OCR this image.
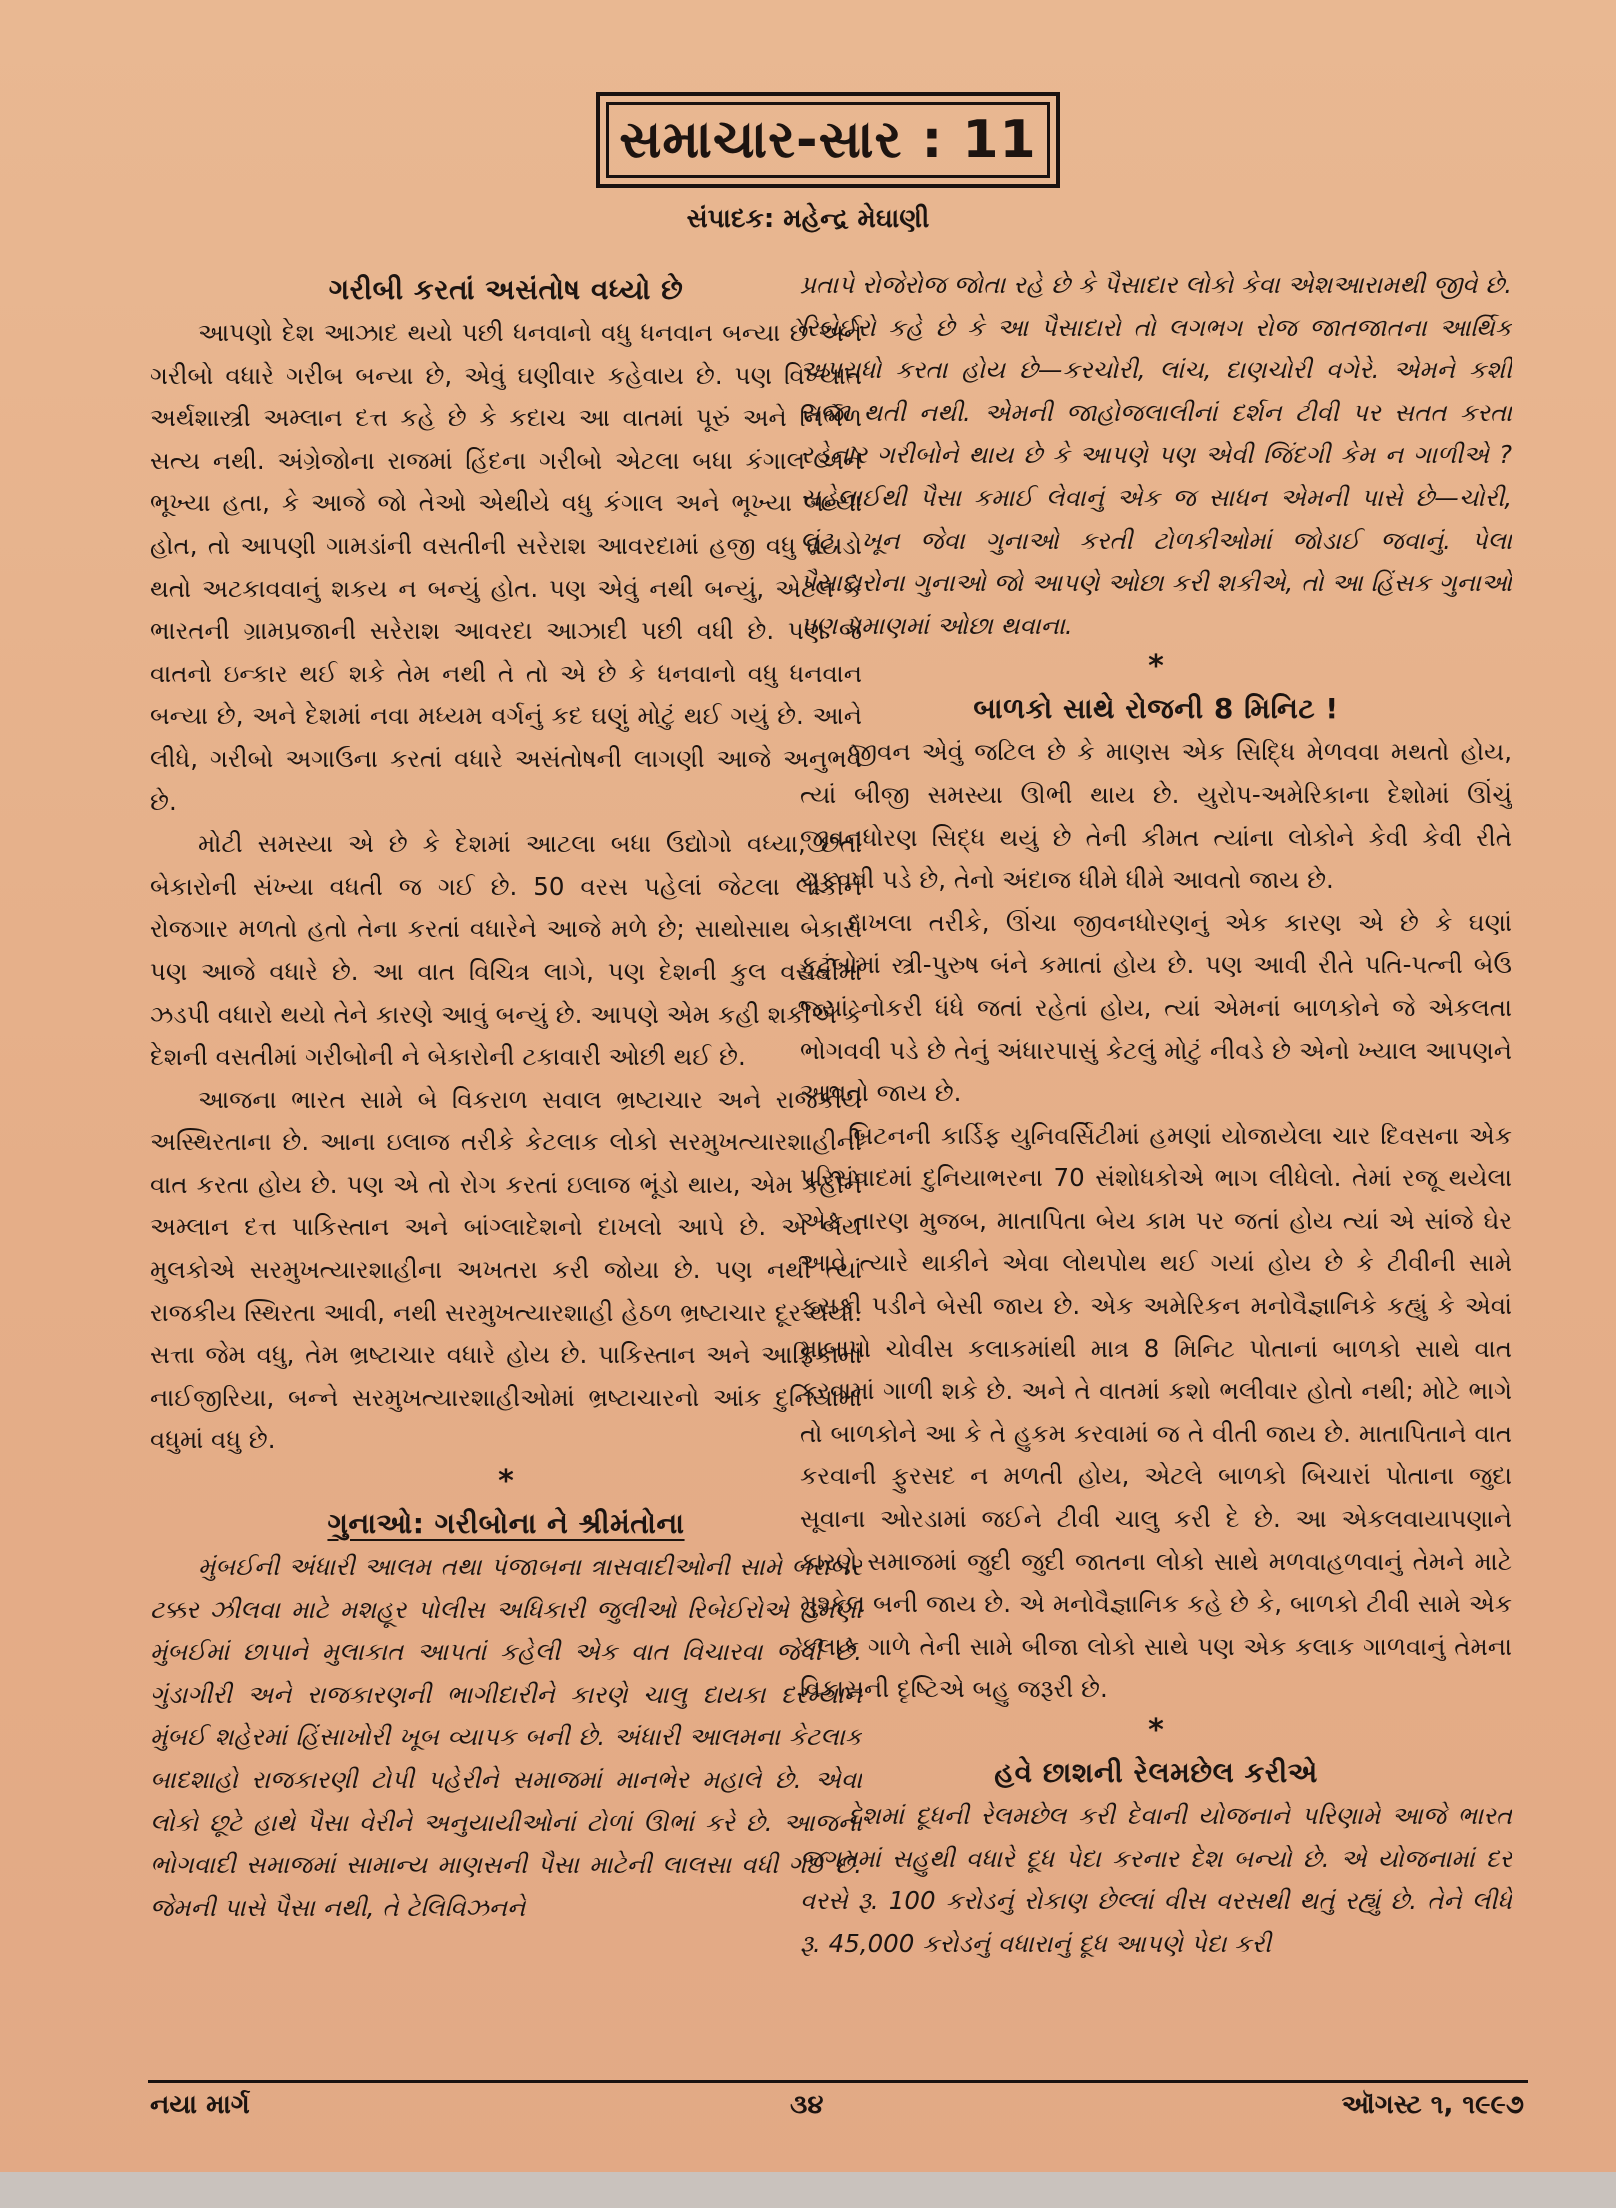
સમાચાર-સાર : 11
સંપાદક: મહેન્દ્ર મેઘાણી
ગરીબી કરતાં અસંતોષ વધ્યો છે

આપણો દેશ આઝાદ થયો પછી ધનવાનો વધુ ધનવાન બન્યા છે અને ગરીબો વધારે ગરીબ બન્યા છે, એવું ઘણીવાર કહેવાય છે. પણ વિખ્યાત અર્થશાસ્ત્રી અમ્લાન દત્ત કહે છે કે કદાચ આ વાતમાં પૂરું અને નિર્ભેળ સત્ય નથી. અંગ્રેજોના રાજમાં હિંદના ગરીબો એટલા બધા કંગાલ અને ભૂખ્યા હતા, કે આજે જો તેઓ એથીયે વધુ કંગાલ અને ભૂખ્યા બન્યા હોત, તો આપણી ગામડાંની વસતીની સરેરાશ આવરદામાં હજી વધુ ઘટાડો થતો અટકાવવાનું શકય ન બન્યું હોત. પણ એવું નથી બન્યું, એટલે કે ભારતની ગ્રામપ્રજાની સરેરાશ આવરદા આઝાદી પછી વધી છે. પણ જે વાતનો ઇન્કાર થઈ શકે તેમ નથી તે તો એ છે કે ધનવાનો વધુ ધનવાન બન્યા છે, અને દેશમાં નવા મધ્યમ વર્ગનું કદ ઘણું મોટું થઈ ગયું છે. આને લીધે, ગરીબો અગાઉના કરતાં વધારે અસંતોષની લાગણી આજે અનુભવે છે.

મોટી સમસ્યા એ છે કે દેશમાં આટલા બધા ઉદ્યોગો વધ્યા, છતાં બેકારોની સંખ્યા વધતી જ ગઈ છે. 50 વરસ પહેલાં જેટલા લોકોને રોજગાર મળતો હતો તેના કરતાં વધારેને આજે મળે છે; સાથોસાથ બેકારો પણ આજે વધારે છે. આ વાત વિચિત્ર લાગે, પણ દેશની કુલ વસતીમાં ઝડપી વધારો થયો તેને કારણે આવું બન્યું છે. આપણે એમ કહી શકીએ કે દેશની વસતીમાં ગરીબોની ને બેકારોની ટકાવારી ઓછી થઈ છે.

આજના ભારત સામે બે વિકરાળ સવાલ ભ્રષ્ટાચાર અને રાજકીય અસ્થિરતાના છે. આના ઇલાજ તરીકે કેટલાક લોકો સરમુખત્યારશાહીની વાત કરતા હોય છે. પણ એ તો રોગ કરતાં ઇલાજ ભૂંડો થાય, એમ કહીને અમ્લાન દત્ત પાકિસ્તાન અને બાંગ્લાદેશનો દાખલો આપે છે. એ બેય મુલકોએ સરમુખત્યારશાહીના અખતરા કરી જોયા છે. પણ નથી ત્યાં રાજકીય સ્થિરતા આવી, નથી સરમુખત્યારશાહી હેઠળ ભ્રષ્ટાચાર દૂર થયો. સત્તા જેમ વધુ, તેમ ભ્રષ્ટાચાર વધારે હોય છે. પાકિસ્તાન અને આફ્રિકામાં નાઈજીરિયા, બન્ને સરમુખત્યારશાહીઓમાં ભ્રષ્ટાચારનો આંક દુનિયામાં વધુમાં વધુ છે.

*
ગુનાઓ: ગરીબોના ને શ્રીમંતોના

મુંબઈની અંધારી આલમ તથા પંજાબના ત્રાસવાદીઓની સામે બરાબર ટક્કર ઝીલવા માટે મશહૂર પોલીસ અધિકારી જુલીઓ રિબેઈરોએ હમણાં મુંબઈમાં છાપાને મુલાકાત આપતાં કહેલી એક વાત વિચારવા જેવી છે. ગુંડાગીરી અને રાજકારણની ભાગીદારીને કારણે ચાલુ દાયકા દરમ્યાન મુંબઈ શહેરમાં હિંસાખોરી ખૂબ વ્યાપક બની છે. અંધારી આલમના કેટલાક બાદશાહો રાજકારણી ટોપી પહેરીને સમાજમાં માનભેર મહાલે છે. એવા લોકો છૂટે હાથે પૈસા વેરીને અનુયાયીઓનાં ટોળાં ઊભાં કરે છે. આજના ભોગવાદી સમાજમાં સામાન્ય માણસની પૈસા માટેની લાલસા વધી ગઈ છે. જેમની પાસે પૈસા નથી, તે ટેલિવિઝનને

પ્રતાપે રોજેરોજ જોતા રહે છે કે પૈસાદાર લોકો કેવા એશઆરામથી જીવે છે. રિબેઈરો કહે છે કે આ પૈસાદારો તો લગભગ રોજ જાતજાતના આર્થિક અપરાધો કરતા હોય છે—કરચોરી, લાંચ, દાણચોરી વગેરે. એમને કશી સજા થતી નથી. એમની જાહોજલાલીનાં દર્શન ટીવી પર સતત કરતા રહેનાર ગરીબોને થાય છે કે આપણે પણ એવી જિંદગી કેમ ન ગાળીએ ? સહેલાઈથી પૈસા કમાઈ લેવાનું એક જ સાધન એમની પાસે છે—ચોરી, લૂંટ, ખૂન જેવા ગુનાઓ કરતી ટોળકીઓમાં જોડાઈ જવાનું. પેલા પૈસાદારોના ગુનાઓ જો આપણે ઓછા કરી શકીએ, તો આ હિંસક ગુનાઓ પણ પ્રમાણમાં ઓછા થવાના.

*
બાળકો સાથે રોજની 8 મિનિટ !

જીવન એવું જટિલ છે કે માણસ એક સિદ્ધિ મેળવવા મથતો હોય, ત્યાં બીજી સમસ્યા ઊભી થાય છે. યુરોપ-અમેરિકાના દેશોમાં ઊંચું જીવનધોરણ સિદ્ધ થયું છે તેની કીમત ત્યાંના લોકોને કેવી કેવી રીતે ચૂકવવી પડે છે, તેનો અંદાજ ધીમે ધીમે આવતો જાય છે.

દાખલા તરીકે, ઊંચા જીવનધોરણનું એક કારણ એ છે કે ઘણાં કુટુંબોમાં સ્ત્રી-પુરુષ બંને કમાતાં હોય છે. પણ આવી રીતે પતિ-પત્ની બેઉ જ્યાં નોકરી ધંધે જતાં રહેતાં હોય, ત્યાં એમનાં બાળકોને જે એકલતા ભોગવવી પડે છે તેનું અંધારપાસું કેટલું મોટું નીવડે છે એનો ખ્યાલ આપણને આવતો જાય છે.

બ્રિટનની કાર્ડિફ યુનિવર્સિટીમાં હમણાં યોજાયેલા ચાર દિવસના એક પરિસંવાદમાં દુનિયાભરના 70 સંશોધકોએ ભાગ લીધેલો. તેમાં રજૂ થયેલા એક તારણ મુજબ, માતાપિતા બેય કામ પર જતાં હોય ત્યાં એ સાંજે ઘેર આવે ત્યારે થાકીને એવા લોથપોથ થઈ ગયાં હોય છે કે ટીવીની સામે ફસકી પડીને બેસી જાય છે. એક અમેરિકન મનોવૈજ્ઞાનિકે કહ્યું કે એવાં માબાપો ચોવીસ કલાકમાંથી માત્ર 8 મિનિટ પોતાનાં બાળકો સાથે વાત કરવામાં ગાળી શકે છે. અને તે વાતમાં કશો ભલીવાર હોતો નથી; મોટે ભાગે તો બાળકોને આ કે તે હુકમ કરવામાં જ તે વીતી જાય છે. માતાપિતાને વાત કરવાની ફુરસદ ન મળતી હોય, એટલે બાળકો બિચારાં પોતાના જુદા સૂવાના ઓરડામાં જઈને ટીવી ચાલુ કરી દે છે. આ એકલવાયાપણાને કારણે સમાજમાં જુદી જુદી જાતના લોકો સાથે મળવાહળવાનું તેમને માટે મુશ્કેલ બની જાય છે. એ મનોવૈજ્ઞાનિક કહે છે કે, બાળકો ટીવી સામે એક કલાક ગાળે તેની સામે બીજા લોકો સાથે પણ એક કલાક ગાળવાનું તેમના વિકાસની દૃષ્ટિએ બહુ જરૂરી છે.

*
હવે છાશની રેલમછેલ કરીએ

દેશમાં દૂધની રેલમછેલ કરી દેવાની યોજનાને પરિણામે આજે ભારત જગતમાં સહુથી વધારે દૂધ પેદા કરનાર દેશ બન્યો છે. એ યોજનામાં દર વરસે રૂ. 100 કરોડનું રોકાણ છેલ્લાં વીસ વરસથી થતું રહ્યું છે. તેને લીધે રૂ. 45,000 કરોડનું વધારાનું દૂધ આપણે પેદા કરી

નયા માર્ગ	૩૪	ઑગસ્ટ ૧, ૧૯૯૭
